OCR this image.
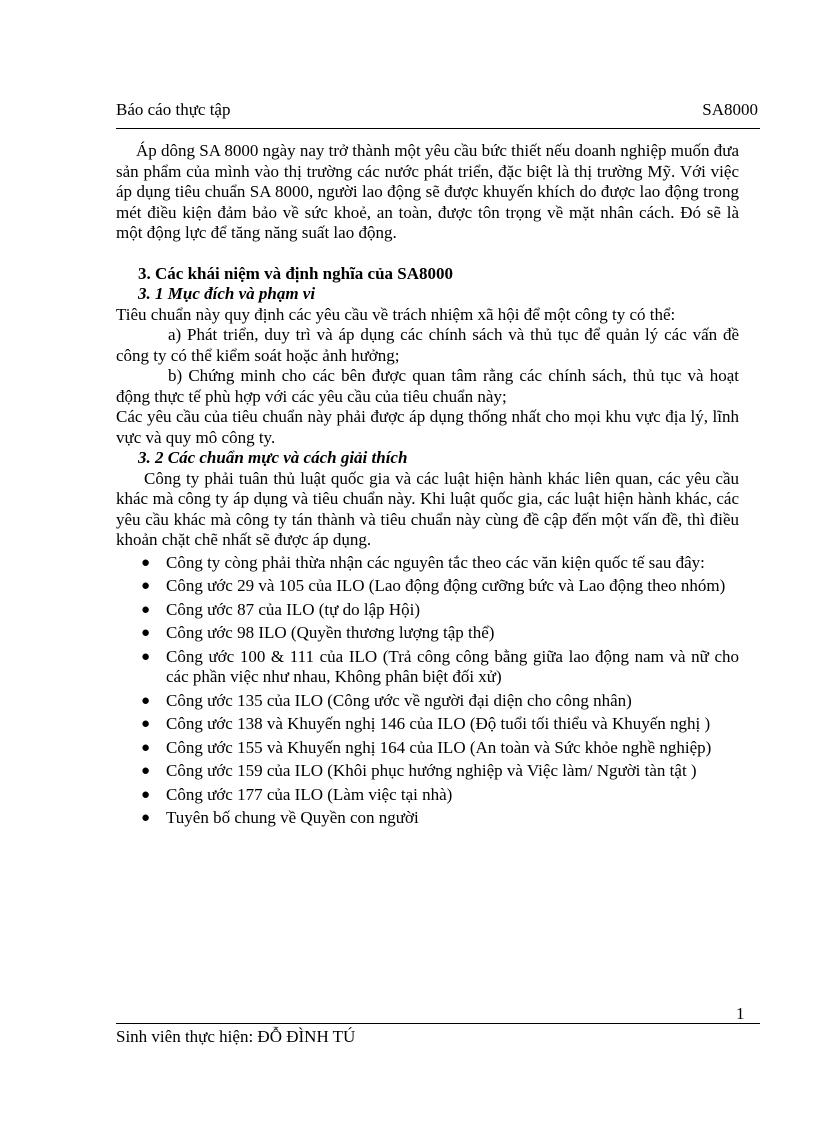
Báo cáo thực tập	SA8000

Áp dông SA 8000 ngày nay trở thành một yêu cầu bức thiết nếu doanh nghiệp muốn đưa sản phẩm của mình vào thị trường các nước phát triển, đặc biệt là thị trường Mỹ. Với việc áp dụng tiêu chuẩn SA 8000, người lao động sẽ được khuyến khích do được lao động trong mét điều kiện đảm bảo về sức khoẻ, an toàn, được tôn trọng về mặt nhân cách. Đó sẽ là một động lực để tăng năng suất lao động.

3. Các khái niệm và định nghĩa của SA8000

3. 1 Mục đích và phạm vi

Tiêu chuẩn này quy định các yêu cầu về trách nhiệm xã hội để một công ty có thể:

a) Phát triển, duy trì và áp dụng các chính sách và thủ tục để quản lý các vấn đề công ty có thể kiểm soát hoặc ảnh hưởng;

b) Chứng minh cho các bên được quan tâm rằng các chính sách, thủ tục và hoạt động thực tế phù hợp với các yêu cầu của tiêu chuẩn này;

Các yêu cầu của tiêu chuẩn này phải được áp dụng thống nhất cho mọi khu vực địa lý, lĩnh vực và quy mô công ty.

3. 2 Các chuẩn mực và cách giải thích

Công ty phải tuân thủ luật quốc gia và các luật hiện hành khác liên quan, các yêu cầu khác mà công ty áp dụng và tiêu chuẩn này. Khi luật quốc gia, các luật hiện hành khác, các yêu cầu khác mà công ty tán thành và tiêu chuẩn này cùng đề cập đến một vấn đề, thì điều khoản chặt chẽ nhất sẽ được áp dụng.

● Công ty còng phải thừa nhận các nguyên tắc theo các văn kiện quốc tế sau đây:
● Công ước 29 và 105 của ILO (Lao động động cưỡng bức và Lao động theo nhóm)
● Công ước 87 của ILO (tự do lập Hội)
● Công ước 98 ILO (Quyền thương lượng tập thể)
● Công ước 100 & 111 của ILO (Trả công công bằng giữa lao động nam và nữ cho các phần việc như nhau, Không phân biệt đối xử)
● Công ước 135 của ILO (Công ước về người đại diện cho công nhân)
● Công ước 138 và Khuyến nghị 146 của ILO (Độ tuổi tối thiểu và Khuyến nghị )
● Công ước 155 và Khuyến nghị 164 của ILO (An toàn và Sức khỏe nghề nghiệp)
● Công ước 159 của ILO (Khôi phục hướng nghiệp và Việc làm/ Người tàn tật )
● Công ước 177 của ILO (Làm việc tại nhà)
● Tuyên bố chung về Quyền con người
1
Sinh viên thực hiện: ĐỖ ĐÌNH TÚ
